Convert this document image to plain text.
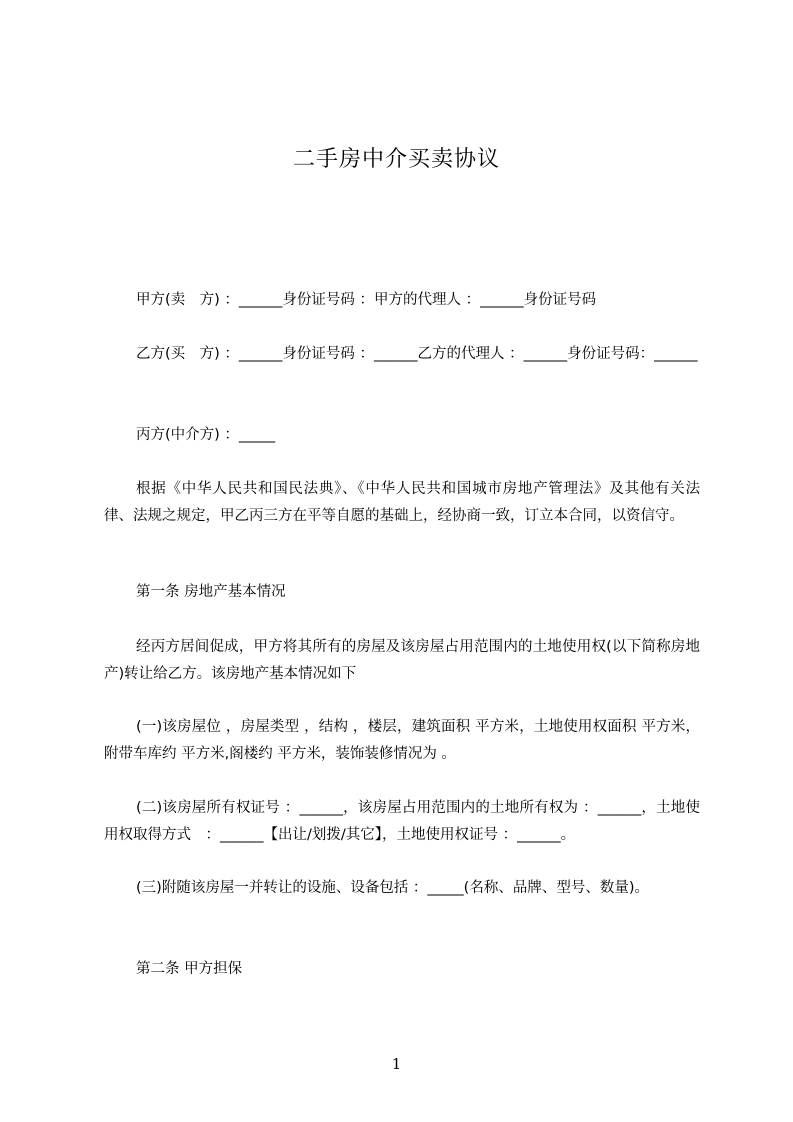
二手房中介买卖协议

甲方(卖　方) ：______身份证号码 ：甲方的代理人 ：______身份证号码

乙方(买　方) ：______身份证号码 ：______乙方的代理人 ：______身份证号码：______

丙方(中介方) ：_____

根据《中华人民共和国民法典》、《中华人民共和国城市房地产管理法》及其他有关法律、法规之规定，甲乙丙三方在平等自愿的基础上，经协商一致，订立本合同，以资信守。

第一条 房地产基本情况

经丙方居间促成，甲方将其所有的房屋及该房屋占用范围内的土地使用权(以下简称房地产)转让给乙方。该房地产基本情况如下

(一)该房屋位 ，房屋类型 ，结构 ，楼层，建筑面积 平方米，土地使用权面积 平方米，附带车库约 平方米,阁楼约 平方米，装饰装修情况为 。

(二)该房屋所有权证号 ：______，该房屋占用范围内的土地所有权为 ：______，土地使用权取得方式　：______【出让/划拨/其它】，土地使用权证号 ：______。

(三)附随该房屋一并转让的设施、设备包括 ：_____(名称、品牌、型号、数量)。

第二条 甲方担保

1
